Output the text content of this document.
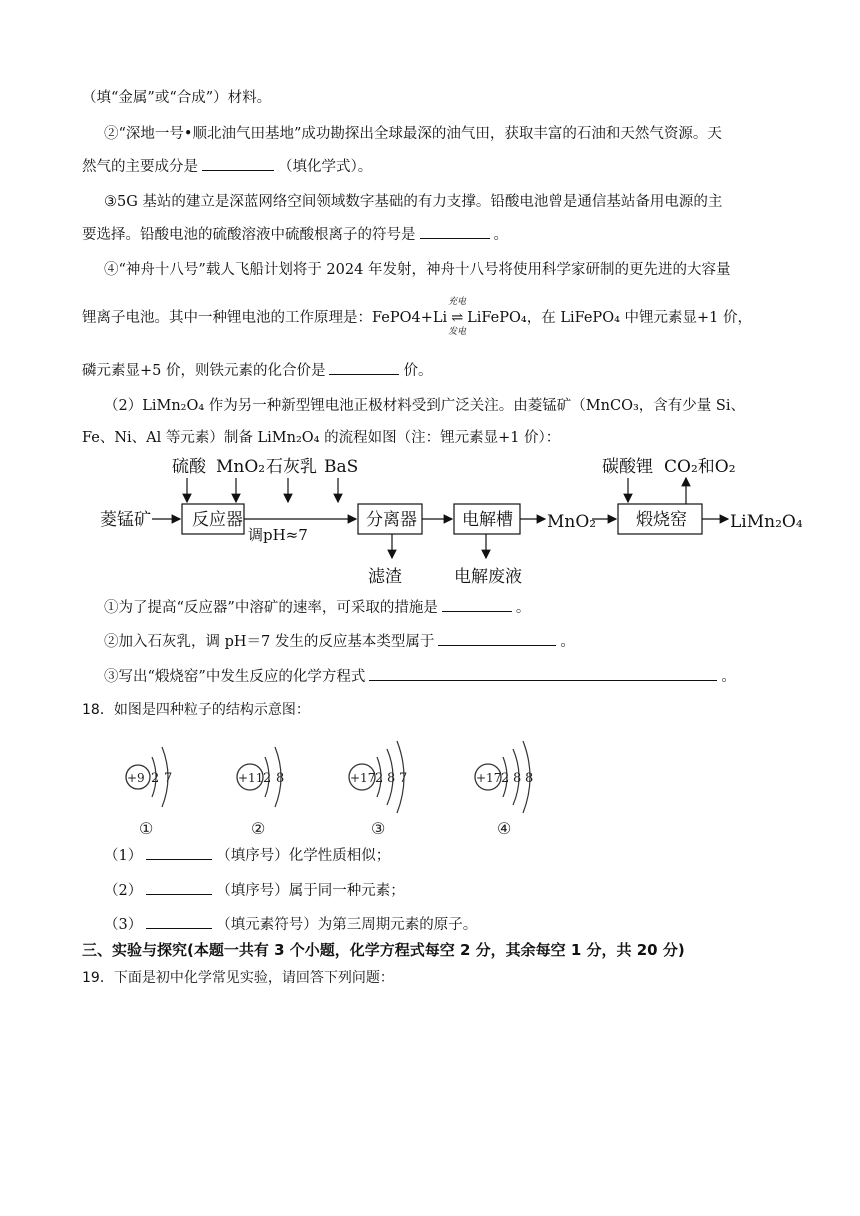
（填“金属”或“合成”）材料。
②“深地一号•顺北油气田基地”成功勘探出全球最深的油气田，获取丰富的石油和天然气资源。天
然气的主要成分是	（填化学式）。
③5G 基站的建立是深蓝网络空间领域数字基础的有力支撑。铅酸电池曾是通信基站备用电源的主
要选择。铅酸电池的硫酸溶液中硫酸根离子的符号是	。
④“神舟十八号”载人飞船计划将于 2024 年发射，神舟十八号将使用科学家研制的更先进的大容量
锂离子电池。其中一种锂电池的工作原理是：FePO4+Li
充电
⇌
发电
LiFePO₄，在 LiFePO₄ 中锂元素显+1 价，
磷元素显+5 价，则铁元素的化合价是	价。
（2）LiMn₂O₄ 作为另一种新型锂电池正极材料受到广泛关注。由菱锰矿（MnCO₃，含有少量 Si、
Fe、Ni、Al 等元素）制备 LiMn₂O₄ 的流程如图（注：锂元素显+1 价）：
硫酸 MnO₂ 石灰乳 BaS
菱锰矿 反应器
调pH≈7
分离器	电解槽 MnO₂ 煅烧窑	LiMn₂O₄
碳酸锂 CO₂和O₂
滤渣	电解废液
①为了提高“反应器”中溶矿的速率，可采取的措施是	。
②加入石灰乳，调 pH＝7 发生的反应基本类型属于	。
③写出“煅烧窑”中发生反应的化学方程式	。
18．如图是四种粒子的结构示意图：
+9 2 7
①
+11 2 8
②
+17 2 8 7
③
+17 2 8 8
④
（1）	（填序号）化学性质相似；
（2）	（填序号）属于同一种元素；
（3）	（填元素符号）为第三周期元素的原子。
三、实验与探究(本题一共有 3 个小题，化学方程式每空 2 分，其余每空 1 分，共 20 分)
19．下面是初中化学常见实验，请回答下列问题：
